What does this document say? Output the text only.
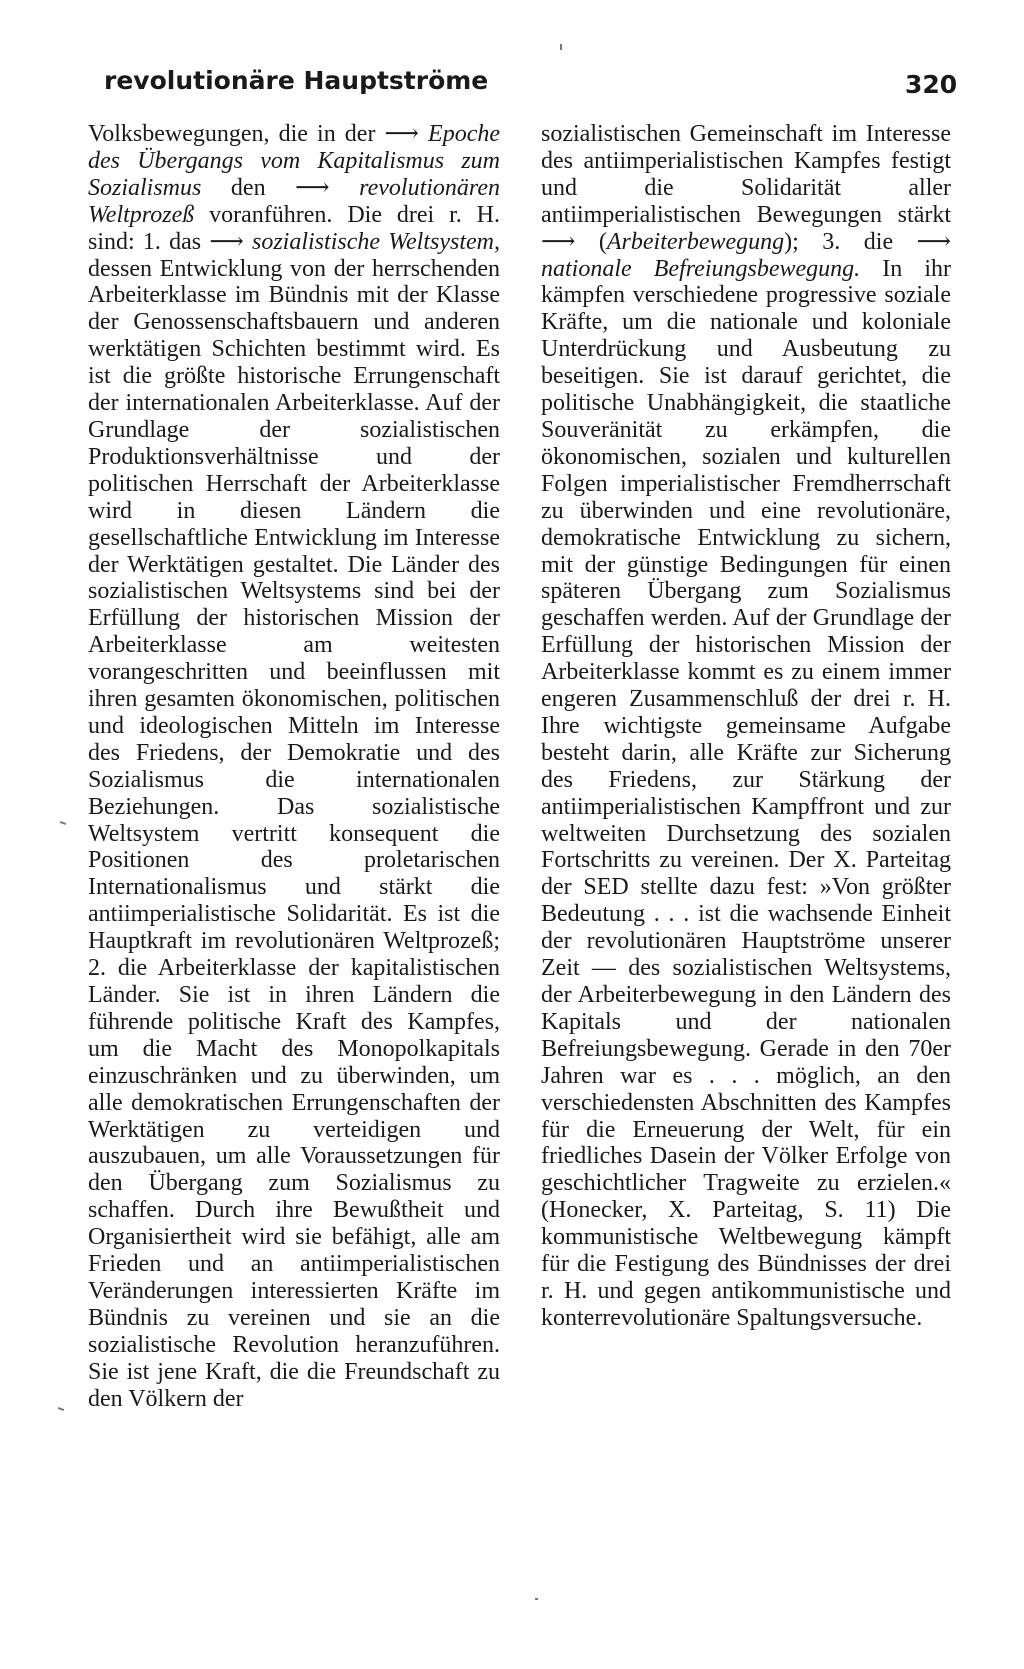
revolutionäre Hauptströme	320

Volksbewegungen, die in der ⟶ Epoche des Übergangs vom Kapitalismus zum Sozialismus den ⟶ revolutionären Weltprozeß voranführen. Die drei r. H. sind: 1. das ⟶ sozialistische Weltsystem, dessen Entwicklung von der herrschenden Arbeiterklasse im Bündnis mit der Klasse der Genossenschaftsbauern und anderen werktätigen Schichten bestimmt wird. Es ist die größte historische Errungenschaft der internationalen Arbeiterklasse. Auf der Grundlage der sozialistischen Produktionsverhältnisse und der politischen Herrschaft der Arbeiterklasse wird in diesen Ländern die gesellschaftliche Entwicklung im Interesse der Werktätigen gestaltet. Die Länder des sozialistischen Weltsystems sind bei der Erfüllung der historischen Mission der Arbeiterklasse am weitesten vorangeschritten und beeinflussen mit ihren gesamten ökonomischen, politischen und ideologischen Mitteln im Interesse des Friedens, der Demokratie und des Sozialismus die internationalen Beziehungen. Das sozialistische Weltsystem vertritt konsequent die Positionen des proletarischen Internationalismus und stärkt die antiimperialistische Solidarität. Es ist die Hauptkraft im revolutionären Weltprozeß; 2. die Arbeiterklasse der kapitalistischen Länder. Sie ist in ihren Ländern die führende politische Kraft des Kampfes, um die Macht des Monopolkapitals einzuschränken und zu überwinden, um alle demokratischen Errungenschaften der Werktätigen zu verteidigen und auszubauen, um alle Voraussetzungen für den Übergang zum Sozialismus zu schaffen. Durch ihre Bewußtheit und Organisiertheit wird sie befähigt, alle am Frieden und an antiimperialistischen Veränderungen interessierten Kräfte im Bündnis zu vereinen und sie an die sozialistische Revolution heranzuführen. Sie ist jene Kraft, die die Freundschaft zu den Völkern der

sozialistischen Gemeinschaft im Interesse des antiimperialistischen Kampfes festigt und die Solidarität aller antiimperialistischen Bewegungen stärkt ⟶ (Arbeiterbewegung); 3. die ⟶ nationale Befreiungsbewegung. In ihr kämpfen verschiedene progressive soziale Kräfte, um die nationale und koloniale Unterdrückung und Ausbeutung zu beseitigen. Sie ist darauf gerichtet, die politische Unabhängigkeit, die staatliche Souveränität zu erkämpfen, die ökonomischen, sozialen und kulturellen Folgen imperialistischer Fremdherrschaft zu überwinden und eine revolutionäre, demokratische Entwicklung zu sichern, mit der günstige Bedingungen für einen späteren Übergang zum Sozialismus geschaffen werden. Auf der Grundlage der Erfüllung der historischen Mission der Arbeiterklasse kommt es zu einem immer engeren Zusammenschluß der drei r. H. Ihre wichtigste gemeinsame Aufgabe besteht darin, alle Kräfte zur Sicherung des Friedens, zur Stärkung der antiimperialistischen Kampffront und zur weltweiten Durchsetzung des sozialen Fortschritts zu vereinen. Der X. Parteitag der SED stellte dazu fest: »Von größter Bedeutung . . . ist die wachsende Einheit der revolutionären Hauptströme unserer Zeit — des sozialistischen Weltsystems, der Arbeiterbewegung in den Ländern des Kapitals und der nationalen Befreiungsbewegung. Gerade in den 70er Jahren war es . . . möglich, an den verschiedensten Abschnitten des Kampfes für die Erneuerung der Welt, für ein friedliches Dasein der Völker Erfolge von geschichtlicher Tragweite zu erzielen.« (Honecker, X. Parteitag, S. 11) Die kommunistische Weltbewegung kämpft für die Festigung des Bündnisses der drei r. H. und gegen antikommunistische und konterrevolutionäre Spaltungsversuche.
